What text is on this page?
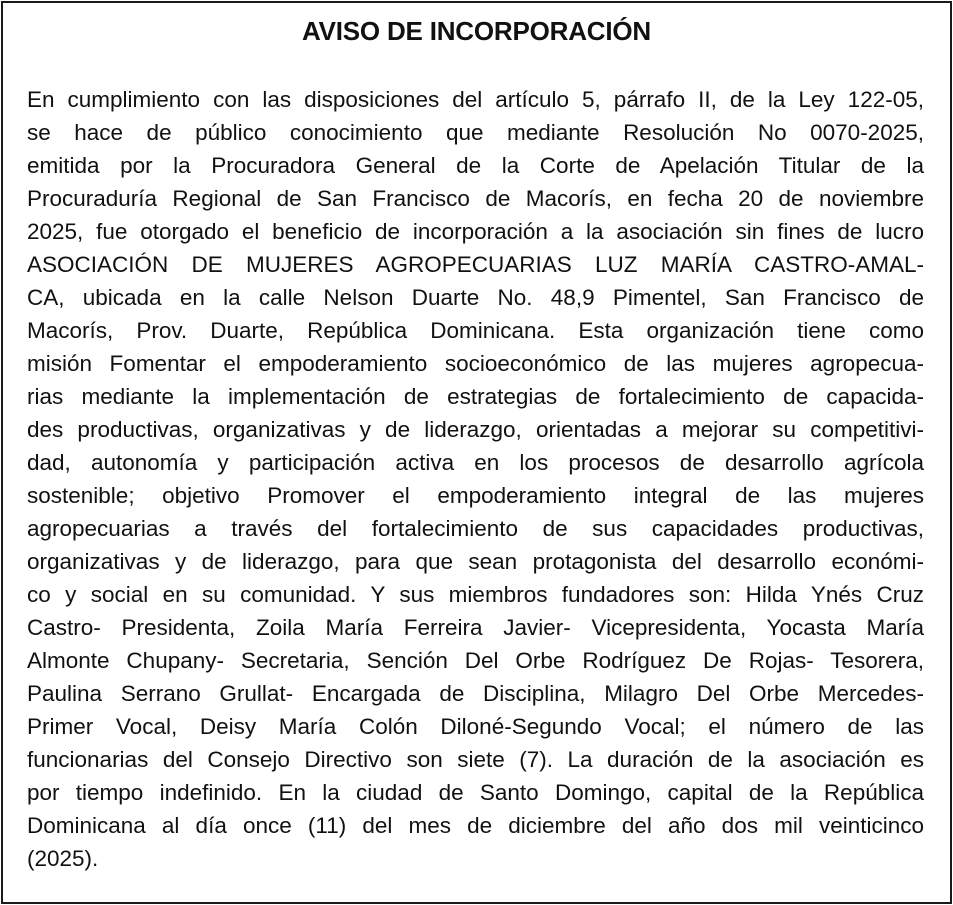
AVISO DE INCORPORACIÓN
En cumplimiento con las disposiciones del artículo 5, párrafo II, de la Ley 122-05,
se hace de público conocimiento que mediante Resolución No 0070-2025,
emitida por la Procuradora General de la Corte de Apelación Titular de la
Procuraduría Regional de San Francisco de Macorís, en fecha 20 de noviembre
2025, fue otorgado el beneficio de incorporación a la asociación sin fines de lucro
ASOCIACIÓN DE MUJERES AGROPECUARIAS LUZ MARÍA CASTRO-AMAL-
CA, ubicada en la calle Nelson Duarte No. 48,9 Pimentel, San Francisco de
Macorís, Prov. Duarte, República Dominicana. Esta organización tiene como
misión Fomentar el empoderamiento socioeconómico de las mujeres agropecua-
rias mediante la implementación de estrategias de fortalecimiento de capacida-
des productivas, organizativas y de liderazgo, orientadas a mejorar su competitivi-
dad, autonomía y participación activa en los procesos de desarrollo agrícola
sostenible; objetivo Promover el empoderamiento integral de las mujeres
agropecuarias a través del fortalecimiento de sus capacidades productivas,
organizativas y de liderazgo, para que sean protagonista del desarrollo económi-
co y social en su comunidad. Y sus miembros fundadores son: Hilda Ynés Cruz
Castro- Presidenta, Zoila María Ferreira Javier- Vicepresidenta, Yocasta María
Almonte Chupany- Secretaria, Sención Del Orbe Rodríguez De Rojas- Tesorera,
Paulina Serrano Grullat- Encargada de Disciplina, Milagro Del Orbe Mercedes-
Primer Vocal, Deisy María Colón Diloné-Segundo Vocal; el número de las
funcionarias del Consejo Directivo son siete (7). La duración de la asociación es
por tiempo indefinido. En la ciudad de Santo Domingo, capital de la República
Dominicana al día once (11) del mes de diciembre del año dos mil veinticinco
(2025).
